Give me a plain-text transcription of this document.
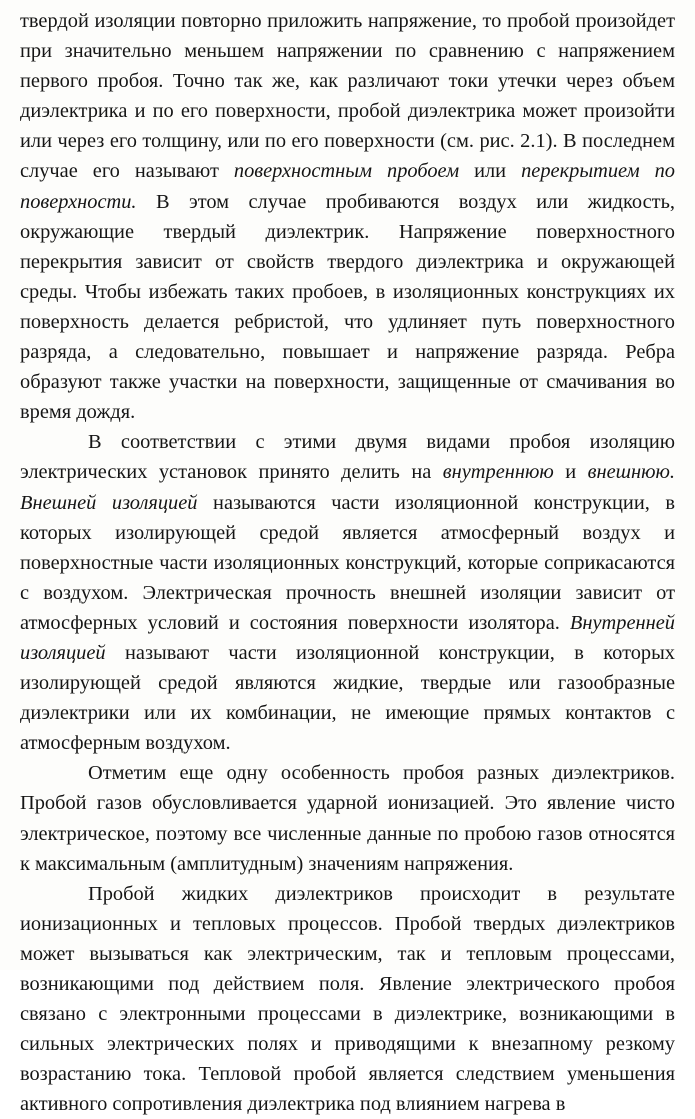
твердой изоляции повторно приложить напряжение, то пробой произойдет при значительно меньшем напряжении по сравнению с напряжением первого пробоя. Точно так же, как различают токи утечки через объем диэлектрика и по его поверхности, пробой диэлектрика может произойти или через его толщину, или по его поверхности (см. рис. 2.1). В последнем случае его называют поверхностным пробоем или перекрытием по поверхности. В этом случае пробиваются воздух или жидкость, окружающие твердый диэлектрик. Напряжение поверхностного перекрытия зависит от свойств твердого диэлектрика и окружающей среды. Чтобы избежать таких пробоев, в изоляционных конструкциях их поверхность делается ребристой, что удлиняет путь поверхностного разряда, а следовательно, повышает и напряжение разряда. Ребра образуют также участки на поверхности, защищенные от смачивания во время дождя.

В соответствии с этими двумя видами пробоя изоляцию электрических установок принято делить на внутреннюю и внешнюю. Внешней изоляцией называются части изоляционной конструкции, в которых изолирующей средой является атмосферный воздух и поверхностные части изоляционных конструкций, которые соприкасаются с воздухом. Электрическая прочность внешней изоляции зависит от атмосферных условий и состояния поверхности изолятора. Внутренней изоляцией называют части изоляционной конструкции, в которых изолирующей средой являются жидкие, твердые или газообразные диэлектрики или их комбинации, не имеющие прямых контактов с атмосферным воздухом.

Отметим еще одну особенность пробоя разных диэлектриков. Пробой газов обусловливается ударной ионизацией. Это явление чисто электрическое, поэтому все численные данные по пробою газов относятся к максимальным (амплитудным) значениям напряжения.

Пробой жидких диэлектриков происходит в результате ионизационных и тепловых процессов. Пробой твердых диэлектриков может вызываться как электрическим, так и тепловым процессами, возникающими под действием поля. Явление электрического пробоя связано с электронными процессами в диэлектрике, возникающими в сильных электрических полях и приводящими к внезапному резкому возрастанию тока. Тепловой пробой является следствием уменьшения активного сопротивления диэлектрика под влиянием нагрева в
